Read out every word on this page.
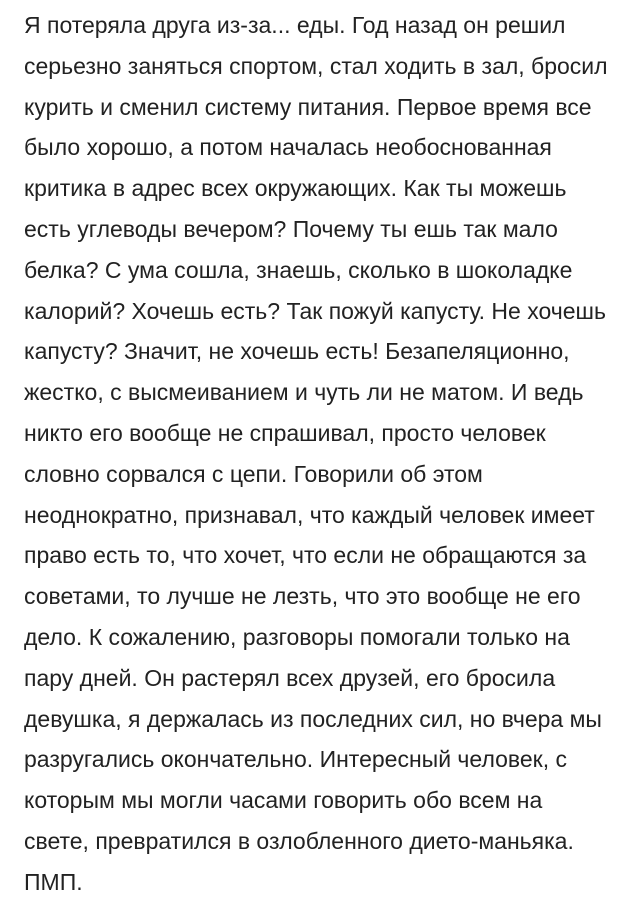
Я потеряла друга из-за... еды. Год назад он решил
серьезно заняться спортом, стал ходить в зал, бросил
курить и сменил систему питания. Первое время все
было хорошо, а потом началась необоснованная
критика в адрес всех окружающих. Как ты можешь
есть углеводы вечером? Почему ты ешь так мало
белка? С ума сошла, знаешь, сколько в шоколадке
калорий? Хочешь есть? Так пожуй капусту. Не хочешь
капусту? Значит, не хочешь есть! Безапеляционно,
жестко, с высмеиванием и чуть ли не матом. И ведь
никто его вообще не спрашивал, просто человек
словно сорвался с цепи. Говорили об этом
неоднократно, признавал, что каждый человек имеет
право есть то, что хочет, что если не обращаются за
советами, то лучше не лезть, что это вообще не его
дело. К сожалению, разговоры помогали только на
пару дней. Он растерял всех друзей, его бросила
девушка, я держалась из последних сил, но вчера мы
разругались окончательно. Интересный человек, с
которым мы могли часами говорить обо всем на
свете, превратился в озлобленного дието-маньяка.
ПМП.
